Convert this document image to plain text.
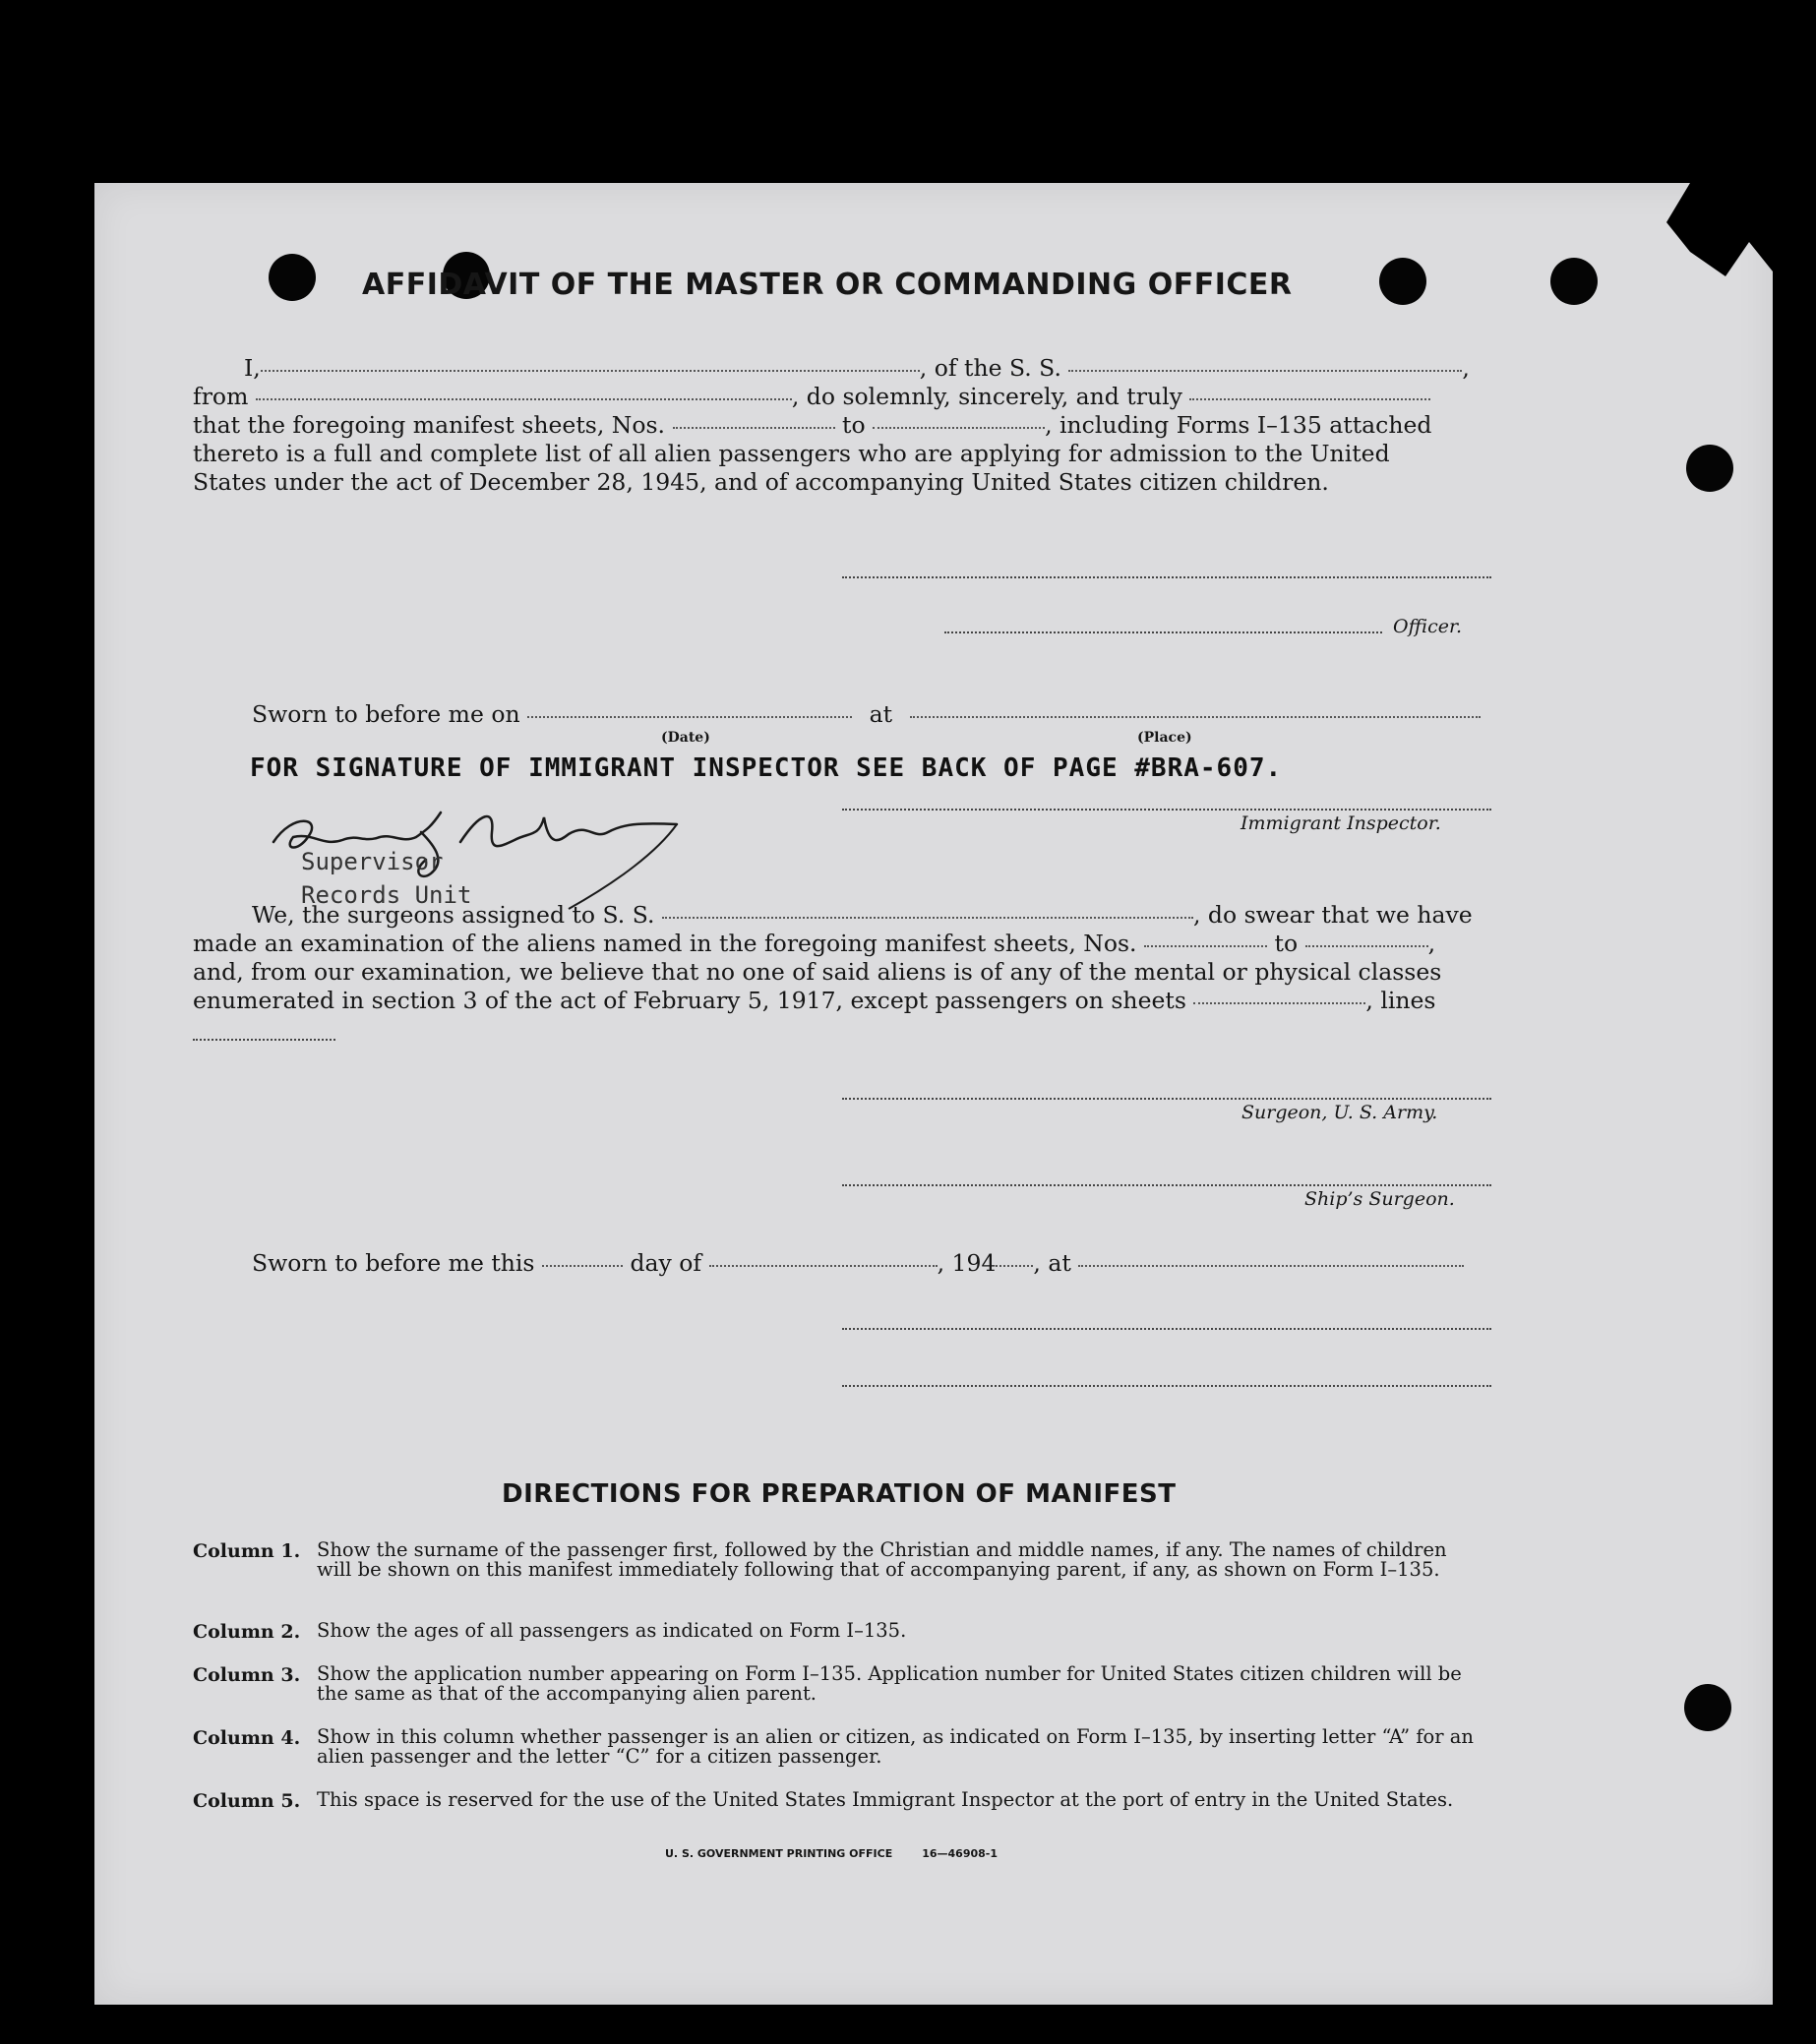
AFFIDAVIT OF THE MASTER OR COMMANDING OFFICER
I,	, of the S. S.	,
from	, do solemnly, sincerely, and truly
that the foregoing manifest sheets, Nos.	to	, including Forms I–135 attached
thereto is a full and complete list of all alien passengers who are applying for admission to the United
States under the act of December 28, 1945, and of accompanying United States citizen children.
Officer.
Sworn to before me on	at
(Date)	(Place)
FOR SIGNATURE OF IMMIGRANT INSPECTOR SEE BACK OF PAGE #BRA-607.
Immigrant Inspector.
Supervisor
Records Unit
We, the surgeons assigned to S. S.	, do swear that we have
made an examination of the aliens named in the foregoing manifest sheets, Nos.	to	,
and, from our examination, we believe that no one of said aliens is of any of the mental or physical classes
enumerated in section 3 of the act of February 5, 1917, except passengers on sheets	, lines
Surgeon, U. S. Army.
Ship’s Surgeon.
Sworn to before me this	day of	, 194 , at
DIRECTIONS FOR PREPARATION OF MANIFEST
Column 1. Show the surname of the passenger first, followed by the Christian and middle names, if any. The names of children will be shown on this manifest immediately following that of accompanying parent, if any, as shown on Form I–135.
Column 2. Show the ages of all passengers as indicated on Form I–135.
Column 3. Show the application number appearing on Form I–135. Application number for United States citizen children will be the same as that of the accompanying alien parent.
Column 4. Show in this column whether passenger is an alien or citizen, as indicated on Form I–135, by inserting letter “A” for an alien passenger and the letter “C” for a citizen passenger.
Column 5. This space is reserved for the use of the United States Immigrant Inspector at the port of entry in the United States.
U. S. GOVERNMENT PRINTING OFFICE	16—46908-1
